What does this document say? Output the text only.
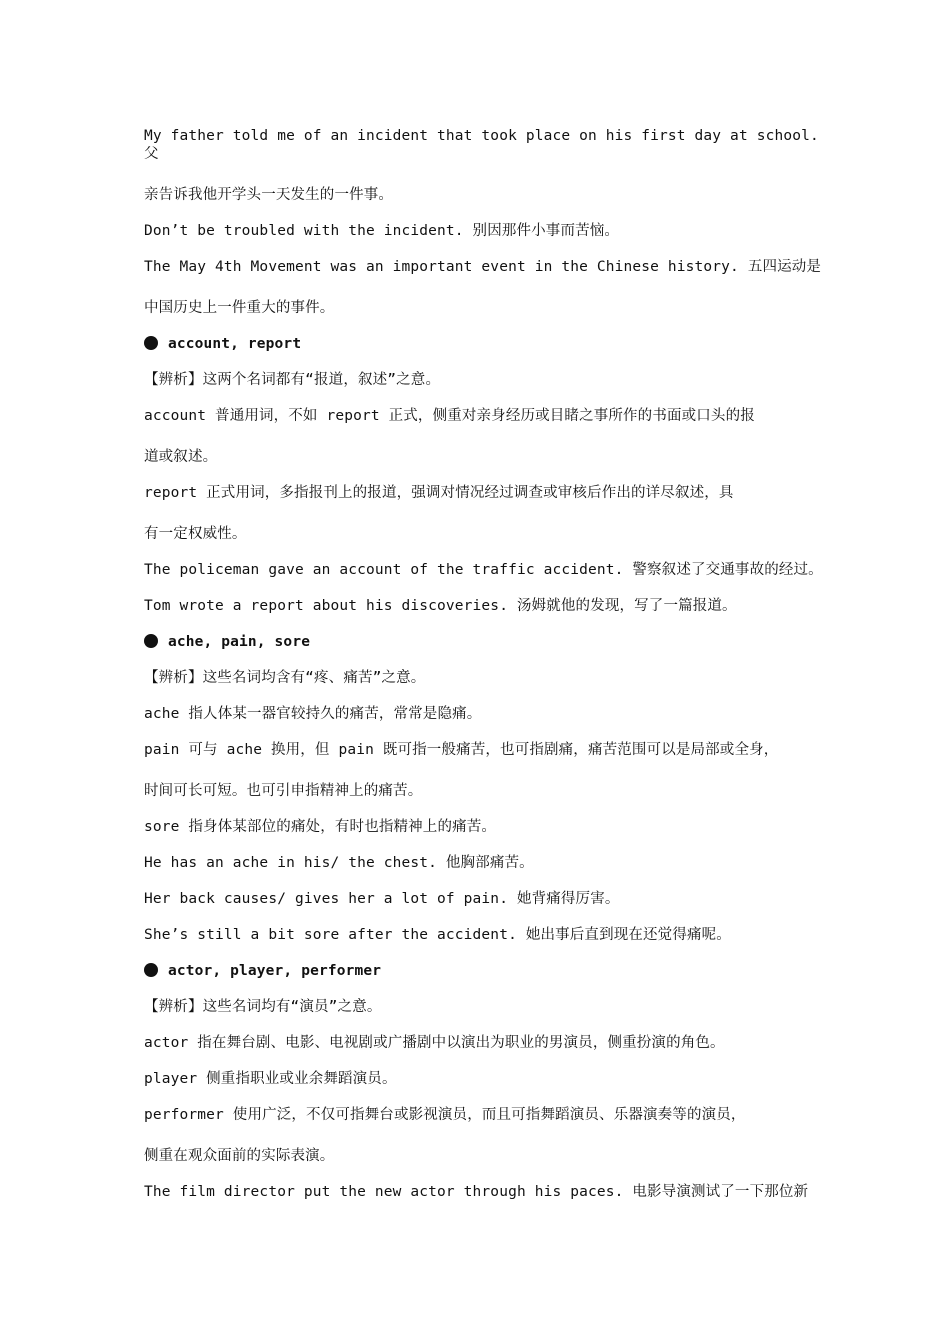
My father told me of an incident that took place on his first day at school. 父
亲告诉我他开学头一天发生的一件事。
Don’t be troubled with the incident. 别因那件小事而苦恼。
The May 4th Movement was an important event in the Chinese history. 五四运动是
中国历史上一件重大的事件。
account, report
【辨析】这两个名词都有“报道，叙述”之意。
account 普通用词，不如 report 正式，侧重对亲身经历或目睹之事所作的书面或口头的报
道或叙述。
report 正式用词，多指报刊上的报道，强调对情况经过调查或审核后作出的详尽叙述，具
有一定权威性。
The policeman gave an account of the traffic accident. 警察叙述了交通事故的经过。
Tom wrote a report about his discoveries. 汤姆就他的发现，写了一篇报道。
ache, pain, sore
【辨析】这些名词均含有“疼、痛苦”之意。
ache 指人体某一器官较持久的痛苦，常常是隐痛。
pain 可与 ache 换用，但 pain 既可指一般痛苦，也可指剧痛，痛苦范围可以是局部或全身，
时间可长可短。也可引申指精神上的痛苦。
sore 指身体某部位的痛处，有时也指精神上的痛苦。
He has an ache in his/ the chest. 他胸部痛苦。
Her back causes/ gives her a lot of pain. 她背痛得厉害。
She’s still a bit sore after the accident. 她出事后直到现在还觉得痛呢。
actor, player, performer
【辨析】这些名词均有“演员”之意。
actor 指在舞台剧、电影、电视剧或广播剧中以演出为职业的男演员，侧重扮演的角色。
player 侧重指职业或业余舞蹈演员。
performer 使用广泛，不仅可指舞台或影视演员，而且可指舞蹈演员、乐器演奏等的演员，
侧重在观众面前的实际表演。
The film director put the new actor through his paces. 电影导演测试了一下那位新
